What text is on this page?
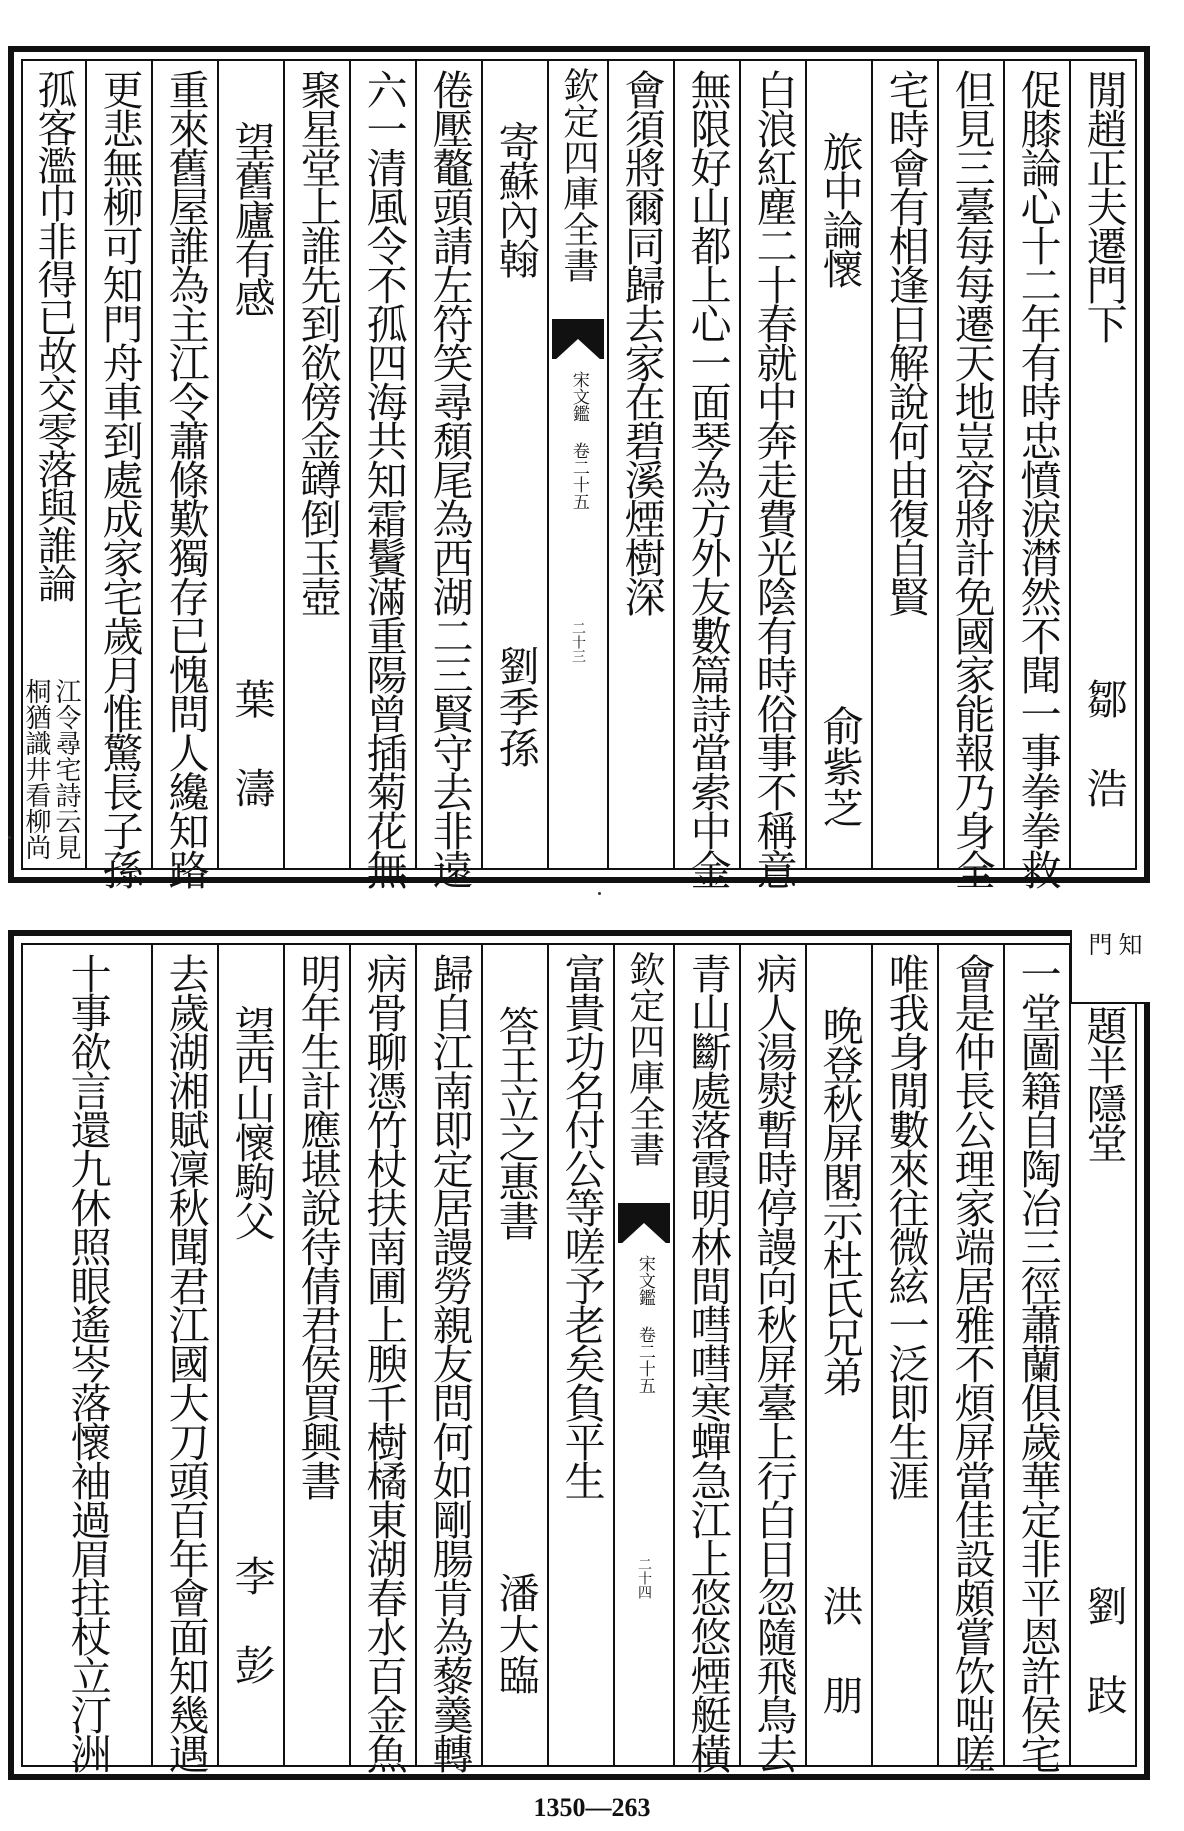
閒趙正夫遷門下
鄒 浩
促膝論心十二年有時忠憤淚潸然不聞一事拳拳救
但見三臺每每遷天地豈容將計免國家能報乃身全
宅時會有相逢日解說何由復自賢
旅中論懷
俞紫芝
白浪紅塵二十春就中奔走費光陰有時俗事不稱意
無限好山都上心一面琴為方外友數篇詩當索中金
會須將爾同歸去家在碧溪煙樹深
欽定四庫全書
宋文鑑 卷二十五
二十三
寄蘇內翰
劉季孫
倦壓鼇頭請左符笑尋頹尾為西湖二三賢守去非遠
六一清風令不孤四海共知霜鬢滿重陽曾插菊花無
聚星堂上誰先到欲傍金罇倒玉壺
望舊廬有感
葉 濤
重來舊屋誰為主江令蕭條歎獨存已愧問人纔知路
更悲無柳可知門舟車到處成家宅歲月惟驚長子孫
孤客濫巾非得已故交零落與誰論
江令尋宅詩云見
桐猶識井看柳尚
題半隱堂
劉 跂
一堂圖籍自陶冶三徑蕭蘭俱歲華定非平恩許侯宅
會是仲長公理家端居雅不煩屏當佳設頗嘗饮咄嗟
唯我身閒數來往微絃一泛即生涯
晚登秋屏閣示杜氏兄弟
洪 朋
病人湯熨暫時停謾向秋屏臺上行白日忽隨飛鳥去
青山斷處落霞明林間嘒嘒寒蟬急江上悠悠煙艇橫
欽定四庫全書
宋文鑑 卷二十五
二十四
富貴功名付公等嗟予老矣負平生
答王立之惠書
潘大臨
歸自江南即定居謾勞親友問何如剛腸肯為藜羹轉
病骨聊憑竹杖扶南圃上腴千樹橘東湖春水百金魚
明年生計應堪說待倩君侯買興書
望西山懷駒父
李 彭
去歲湖湘賦凜秋聞君江國大刀頭百年會面知幾遇
十事欲言還九休照眼遙岑落懷袖過眉拄杖立汀洲
知
門
1350—263
